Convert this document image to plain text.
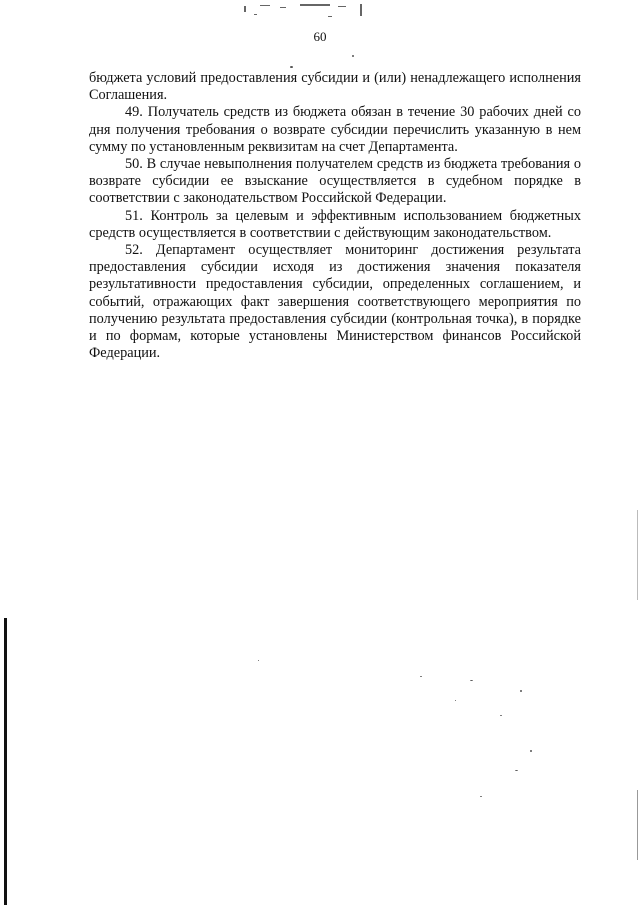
60

бюджета условий предоставления субсидии и (или) ненадлежащего исполнения Соглашения.

49. Получатель средств из бюджета обязан в течение 30 рабочих дней со дня получения требования о возврате субсидии перечислить указанную в нем сумму по установленным реквизитам на счет Департамента.

50. В случае невыполнения получателем средств из бюджета требования о возврате субсидии ее взыскание осуществляется в судебном порядке в соответствии с законодательством Российской Федерации.

51. Контроль за целевым и эффективным использованием бюджетных средств осуществляется в соответствии с действующим законодательством.

52. Департамент осуществляет мониторинг достижения результата предоставления субсидии исходя из достижения значения показателя результативности предоставления субсидии, определенных соглашением, и событий, отражающих факт завершения соответствующего мероприятия по получению результата предоставления субсидии (контрольная точка), в порядке и по формам, которые установлены Министерством финансов Российской Федерации.
